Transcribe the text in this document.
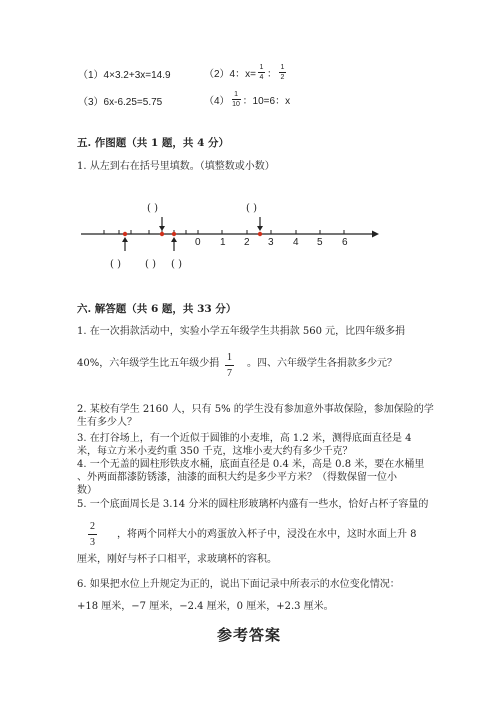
（1）4×3.2+3x=14.9	（2）4：$x= \frac{1}{4}$ ： $\frac{1}{2}$
（3）6x-6.25=5.75	$(4) \frac{1}{10}$ ：10=6：x
五. 作图题（共 1 题，共 4 分）
1. 从左到右在括号里填数。（填整数或小数）
( )	( )
( ) ( ) ( )
0 1 2 3 4 5 6
六. 解答题（共 6 题，共 33 分）
1. 在一次捐款活动中，实验小学五年级学生共捐款 560 元，比四年级多捐
40%，六年级学生比五年级少捐
1
7
。四、六年级学生各捐款多少元？
2. 某校有学生 2160 人，只有 5% 的学生没有参加意外事故保险，参加保险的学
生有多少人？
3. 在打谷场上，有一个近似于圆锥的小麦堆，高 1.2 米，测得底面直径是 4
米，每立方米小麦约重 350 千克，这堆小麦大约有多少千克？
4. 一个无盖的圆柱形铁皮水桶，底面直径是 0.4 米，高是 0.8 米，要在水桶里
、外两面都漆防锈漆，油漆的面积大约是多少平方米？（得数保留一位小
数）
5. 一个底面周长是 3.14 分米的圆柱形玻璃杯内盛有一些水，恰好占杯子容量的
2
3
，将两个同样大小的鸡蛋放入杯子中，浸没在水中，这时水面上升 8
厘米，刚好与杯子口相平，求玻璃杯的容积。
6. 如果把水位上升规定为正的，说出下面记录中所表示的水位变化情况：
+18 厘米，−7 厘米，−2.4 厘米，0 厘米，+2.3 厘米。
参考答案
